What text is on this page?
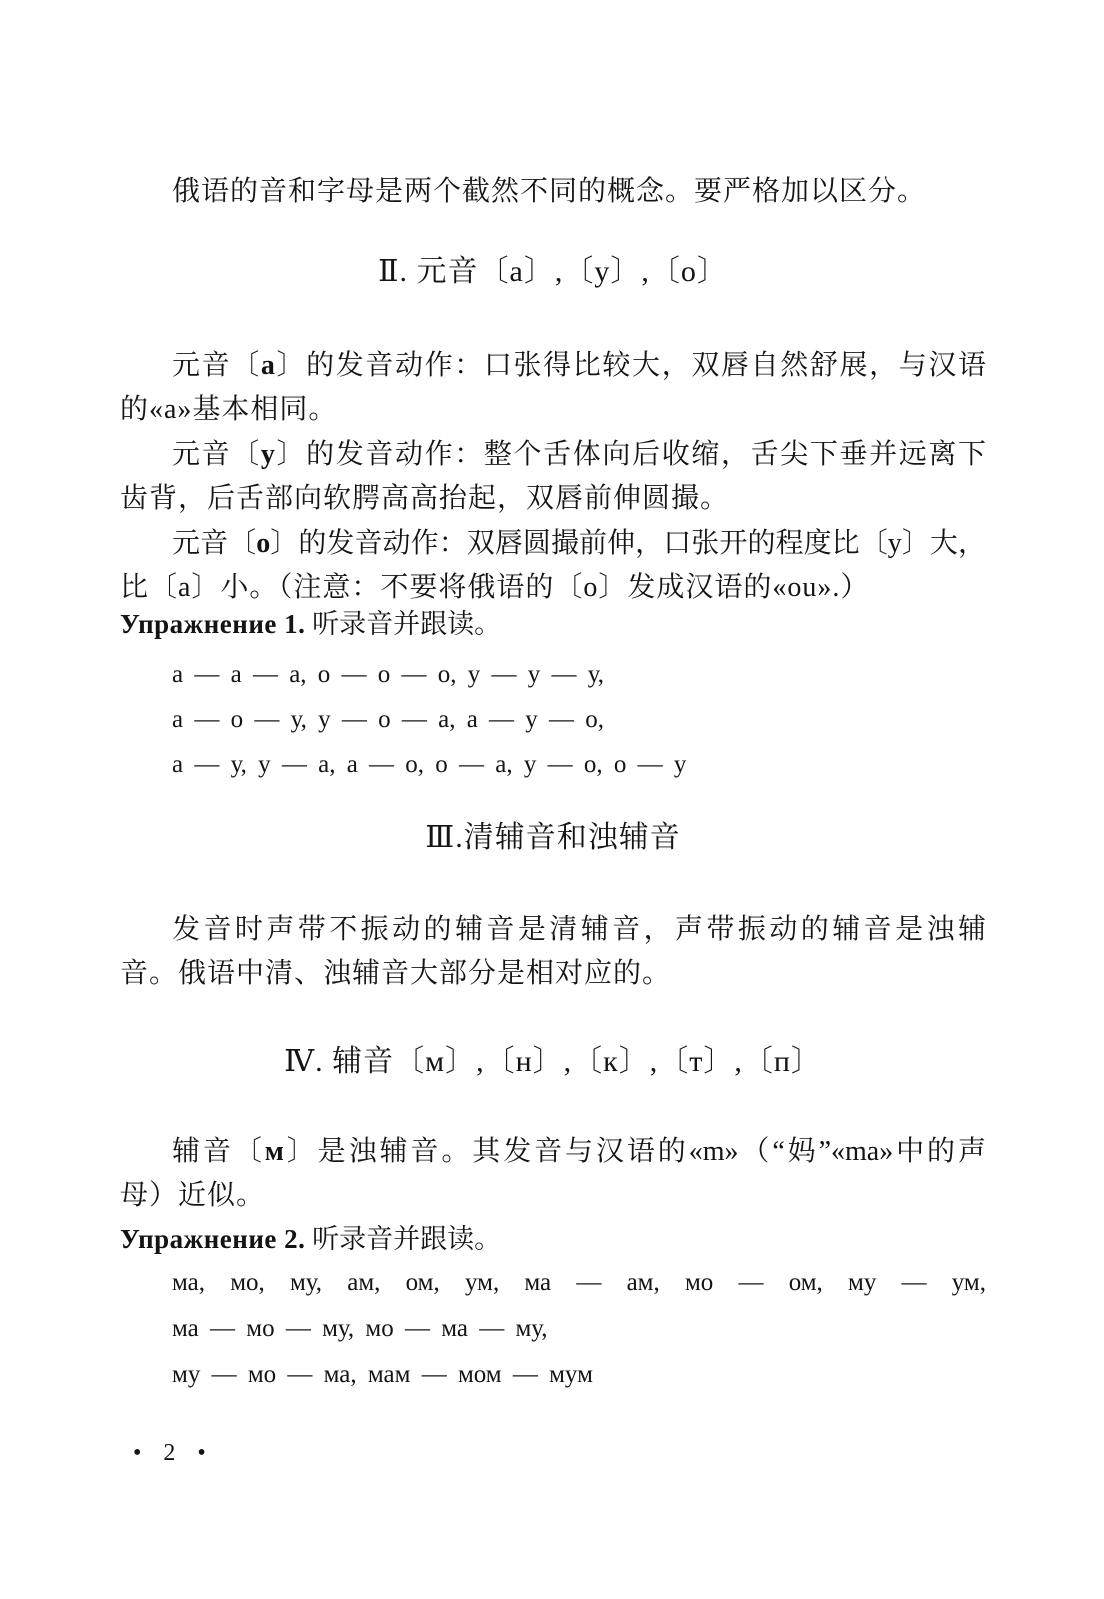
俄语的音和字母是两个截然不同的概念。要严格加以区分。
Ⅱ. 元音〔a〕,〔y〕,〔o〕
元音〔a〕的发音动作：口张得比较大，双唇自然舒展，与汉语
的«a»基本相同。
元音〔у〕的发音动作：整个舌体向后收缩，舌尖下垂并远离下
齿背，后舌部向软腭高高抬起，双唇前伸圆撮。
元音〔о〕的发音动作：双唇圆撮前伸，口张开的程度比〔у〕大，
比〔a〕小。（注意：不要将俄语的〔о〕发成汉语的«ou».）
Упражнение 1. 听录音并跟读。
а — а — а, о — о — о, у — у — у,
а — о — у, у — о — а, а — у — о,
а — у, у — а, а — о, о — а, у — о, о — у
Ⅲ.清辅音和浊辅音
发音时声带不振动的辅音是清辅音，声带振动的辅音是浊辅
音。俄语中清、浊辅音大部分是相对应的。
Ⅳ. 辅音〔м〕,〔н〕,〔к〕,〔т〕,〔п〕
辅音〔м〕是浊辅音。其发音与汉语的«m»（“妈”«ma»中的声
母）近似。
Упражнение 2. 听录音并跟读。
ма, мо, му, ам, ом, ум, ма — ам, мо — ом, му — ум,
ма — мо — му, мо — ма — му,
му — мо — ма, мам — мом — мум
• 2 •
